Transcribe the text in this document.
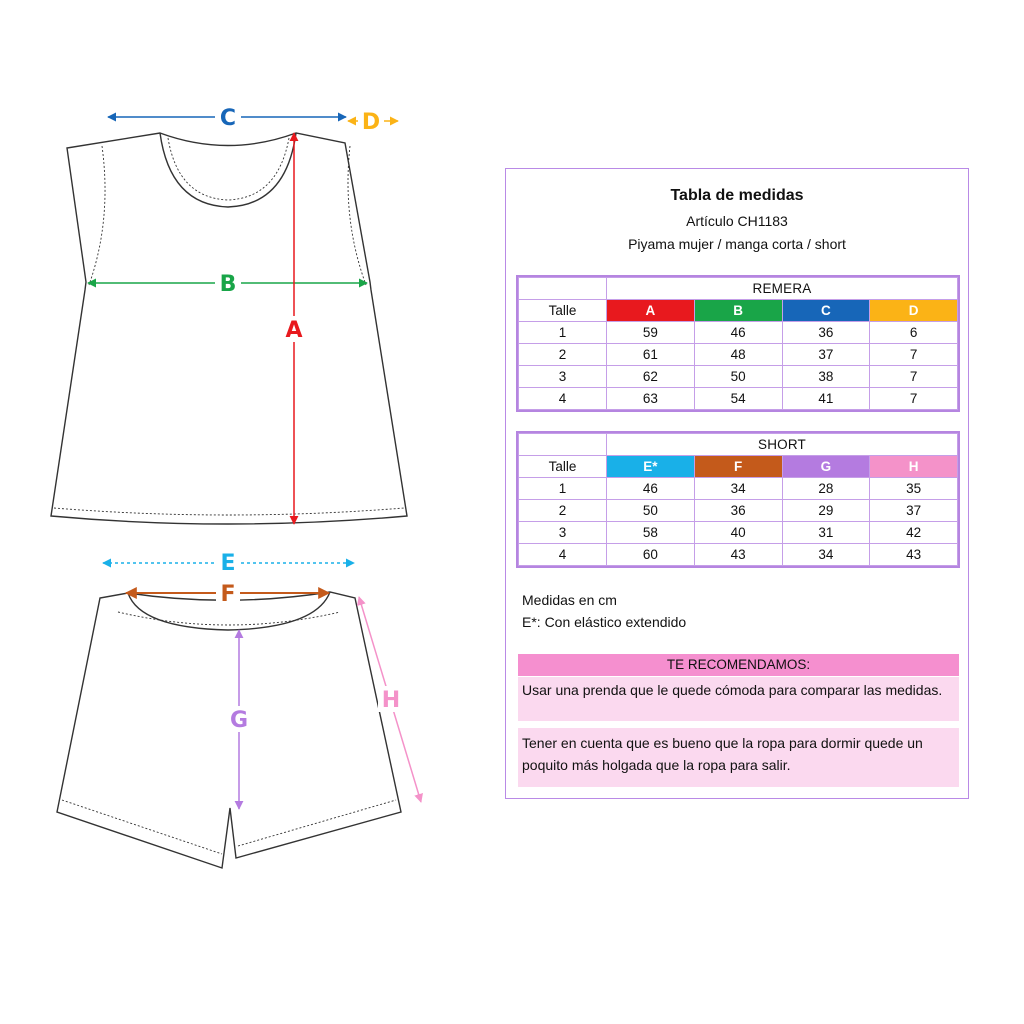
C	D
B
A
E
F
G
H
Tabla de medidas
Artículo CH1183
Piyama mujer / manga corta / short
	REMERA			
Talle	A	B	C	D
1	59	46	36	6
2	61	48	37	7
3	62	50	38	7
4	63	54	41	7
	SHORT			
Talle	E*	F	G	H
1	46	34	28	35
2	50	36	29	37
3	58	40	31	42
4	60	43	34	43
Medidas en cm
E*: Con elástico extendido
TE RECOMENDAMOS:
Usar una prenda que le quede cómoda para comparar las medidas.
Tener en cuenta que es bueno que la ropa para dormir quede un poquito más holgada que la ropa para salir.
